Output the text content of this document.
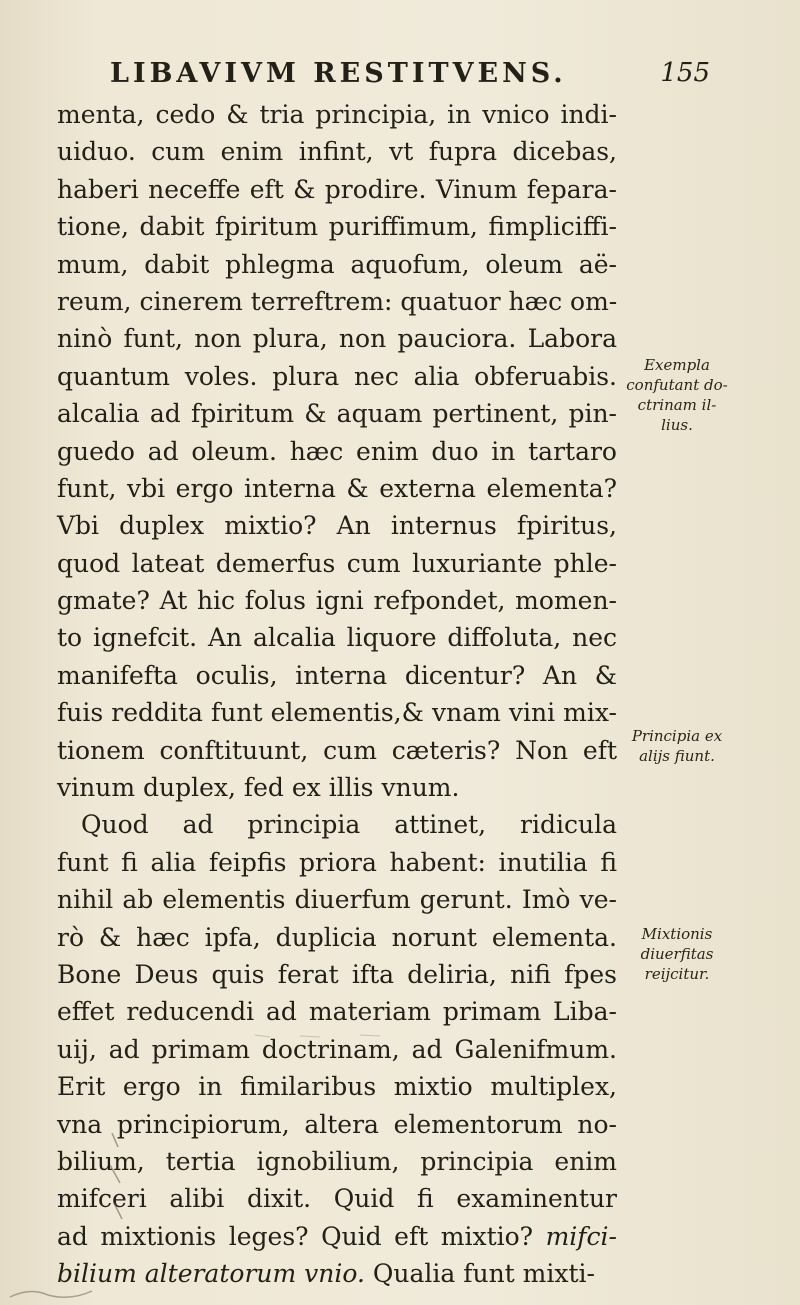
LIBAVIVM RESTITVENS.	155
menta, cedo & tria principia, in vnico indi-
uiduo. cum enim infint, vt fupra dicebas,
haberi neceffe eft & prodire. Vinum fepara-
tione, dabit fpiritum puriffimum, fimpliciffi-
mum, dabit phlegma aquofum, oleum aë-
reum, cinerem terreftrem: quatuor hæc om-
ninò funt, non plura, non pauciora. Labora
quantum voles. plura nec alia obferuabis.
alcalia ad fpiritum & aquam pertinent, pin-
guedo ad oleum. hæc enim duo in tartaro
funt, vbi ergo interna & externa elementa?
Vbi duplex mixtio? An internus fpiritus,
quod lateat demerfus cum luxuriante phle-
gmate? At hic folus igni refpondet, momen-
to ignefcit. An alcalia liquore diffoluta, nec
manifefta oculis, interna dicentur? An &
fuis reddita funt elementis,& vnam vini mix-
tionem conftituunt, cum cæteris? Non eft
vinum duplex, fed ex illis vnum.
Quod ad principia attinet, ridicula
funt fi alia feipfis priora habent: inutilia fi
nihil ab elementis diuerfum gerunt. Imò ve-
rò & hæc ipfa, duplicia norunt elementa.
Bone Deus quis ferat ifta deliria, nifi fpes
effet reducendi ad materiam primam Liba-
uij, ad primam doctrinam, ad Galenifmum.
Erit ergo in fimilaribus mixtio multiplex,
vna principiorum, altera elementorum no-
bilium, tertia ignobilium, principia enim
mifceri alibi dixit. Quid fi examinentur
ad mixtionis leges? Quid eft mixtio? mifci-
bilium alteratorum vnio. Qualia funt mixti-
Exempla
confutant do-
ctrinam il-
lius.
Principia ex
alijs fiunt.
Mixtionis
diuerfitas
reijcitur.
